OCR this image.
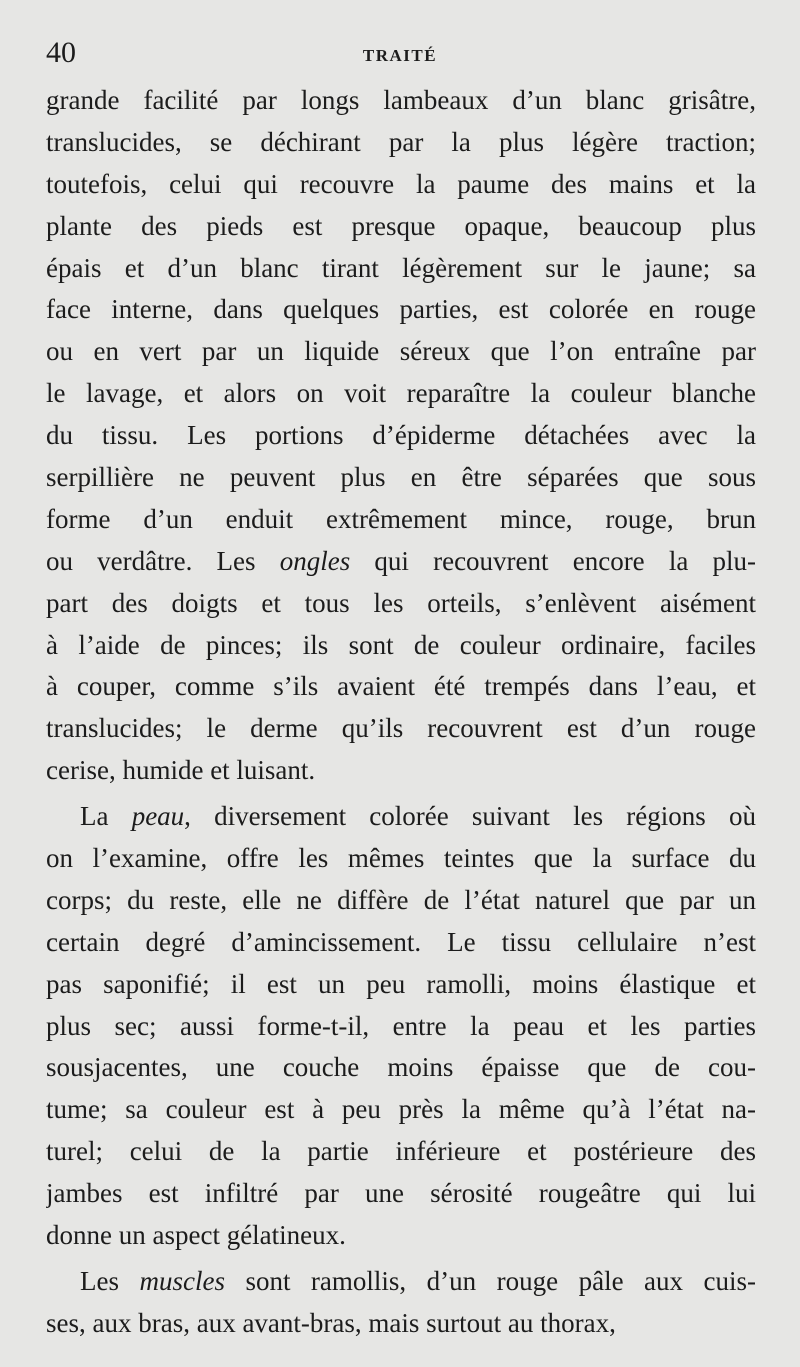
40	TRAITÉ
grande facilité par longs lambeaux d’un blanc grisâtre,
translucides, se déchirant par la plus légère traction;
toutefois, celui qui recouvre la paume des mains et la
plante des pieds est presque opaque, beaucoup plus
épais et d’un blanc tirant légèrement sur le jaune; sa
face interne, dans quelques parties, est colorée en rouge
ou en vert par un liquide séreux que l’on entraîne par
le lavage, et alors on voit reparaître la couleur blanche
du tissu. Les portions d’épiderme détachées avec la
serpillière ne peuvent plus en être séparées que sous
forme d’un enduit extrêmement mince, rouge, brun
ou verdâtre. Les ongles qui recouvrent encore la plu-
part des doigts et tous les orteils, s’enlèvent aisément
à l’aide de pinces; ils sont de couleur ordinaire, faciles
à couper, comme s’ils avaient été trempés dans l’eau, et
translucides; le derme qu’ils recouvrent est d’un rouge
cerise, humide et luisant.
La peau, diversement colorée suivant les régions où
on l’examine, offre les mêmes teintes que la surface du
corps; du reste, elle ne diffère de l’état naturel que par un
certain degré d’amincissement. Le tissu cellulaire n’est
pas saponifié; il est un peu ramolli, moins élastique et
plus sec; aussi forme-t-il, entre la peau et les parties
sousjacentes, une couche moins épaisse que de cou-
tume; sa couleur est à peu près la même qu’à l’état na-
turel; celui de la partie inférieure et postérieure des
jambes est infiltré par une sérosité rougeâtre qui lui
donne un aspect gélatineux.
Les muscles sont ramollis, d’un rouge pâle aux cuis-
ses, aux bras, aux avant-bras, mais surtout au thorax,
